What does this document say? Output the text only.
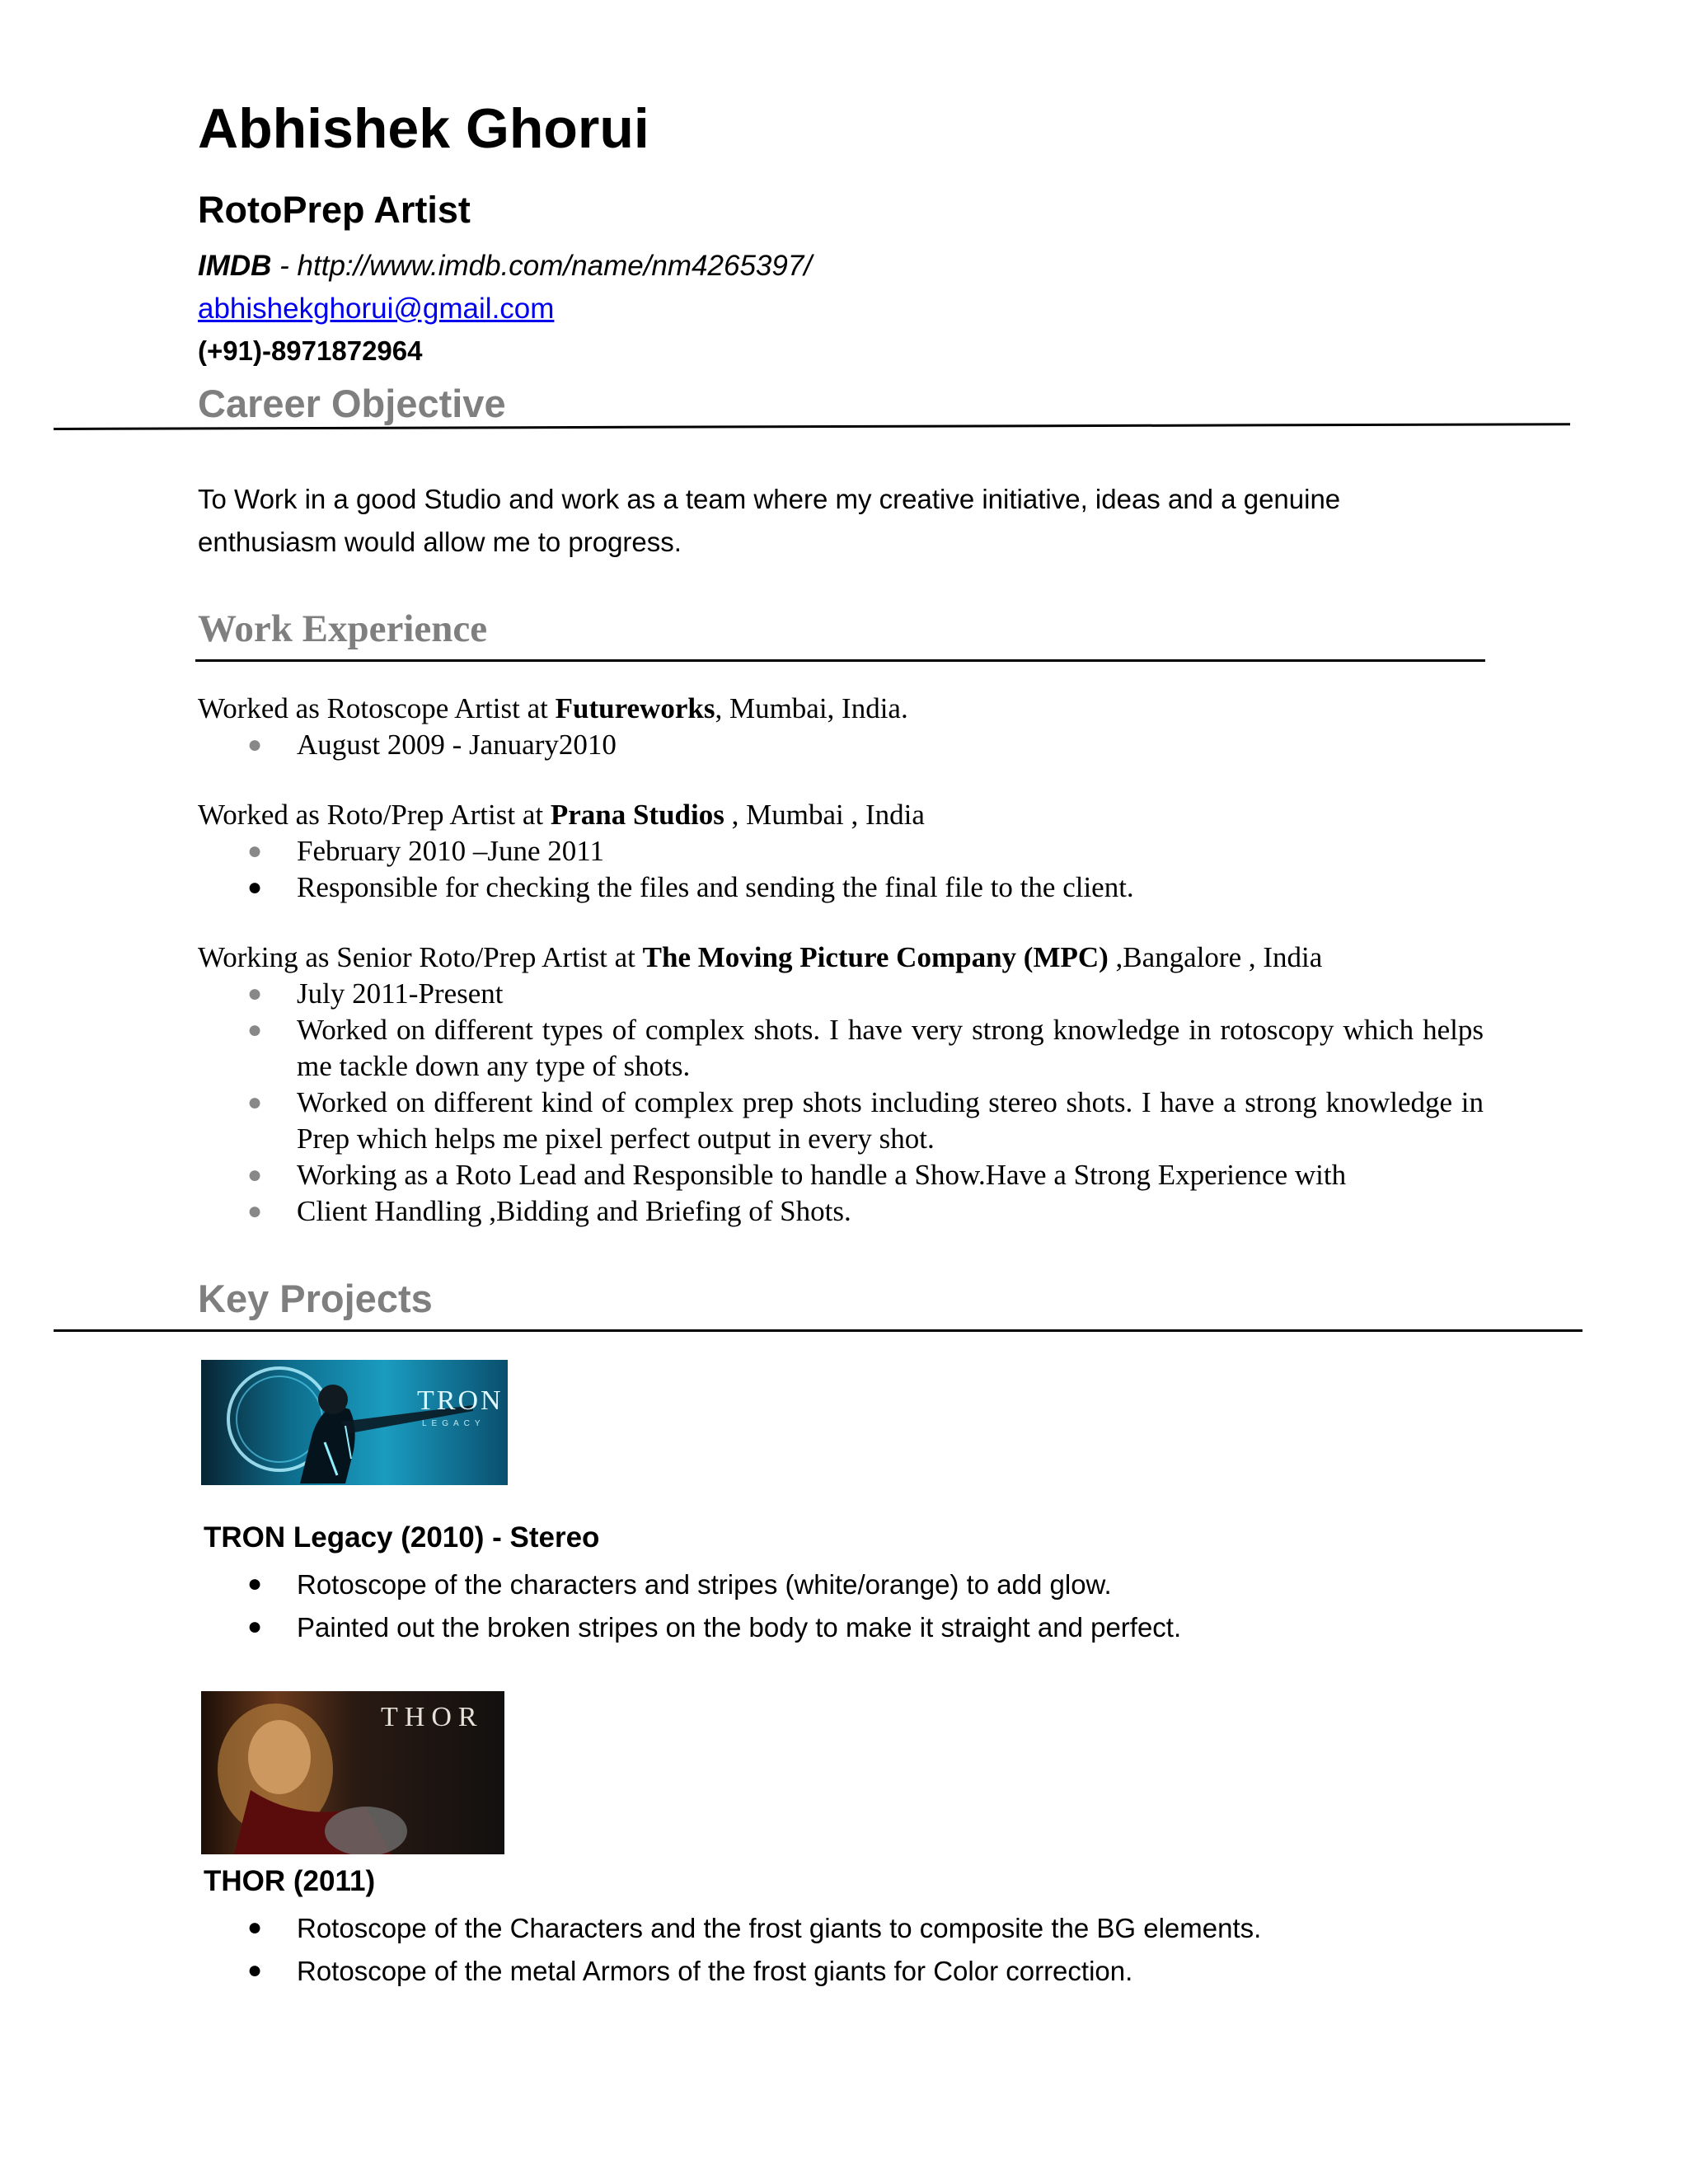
Abhishek Ghorui
RotoPrep Artist
IMDB - http://www.imdb.com/name/nm4265397/
abhishekghorui@gmail.com
(+91)-8971872964
Career Objective
To Work in a good Studio and work as a team where my creative initiative, ideas and a genuine enthusiasm would allow me to progress.
Work Experience
Worked as Rotoscope Artist at Futureworks, Mumbai, India.
● August 2009 - January2010
Worked as Roto/Prep Artist at Prana Studios , Mumbai , India
● February 2010 –June 2011
● Responsible for checking the files and sending the final file to the client.
Working as Senior Roto/Prep Artist at The Moving Picture Company (MPC) ,Bangalore , India
● July 2011-Present
● Worked on different types of complex shots. I have very strong knowledge in rotoscopy which helps me tackle down any type of shots.
● Worked on different kind of complex prep shots including stereo shots. I have a strong knowledge in Prep which helps me pixel perfect output in every shot.
● Working as a Roto Lead and Responsible to handle a Show.Have a Strong Experience with
● Client Handling ,Bidding and Briefing of Shots.
Key Projects
TRON
LEGACY
TRON Legacy (2010) - Stereo
● Rotoscope of the characters and stripes (white/orange) to add glow.
● Painted out the broken stripes on the body to make it straight and perfect.
THOR
THOR (2011)
● Rotoscope of the Characters and the frost giants to composite the BG elements.
● Rotoscope of the metal Armors of the frost giants for Color correction.
